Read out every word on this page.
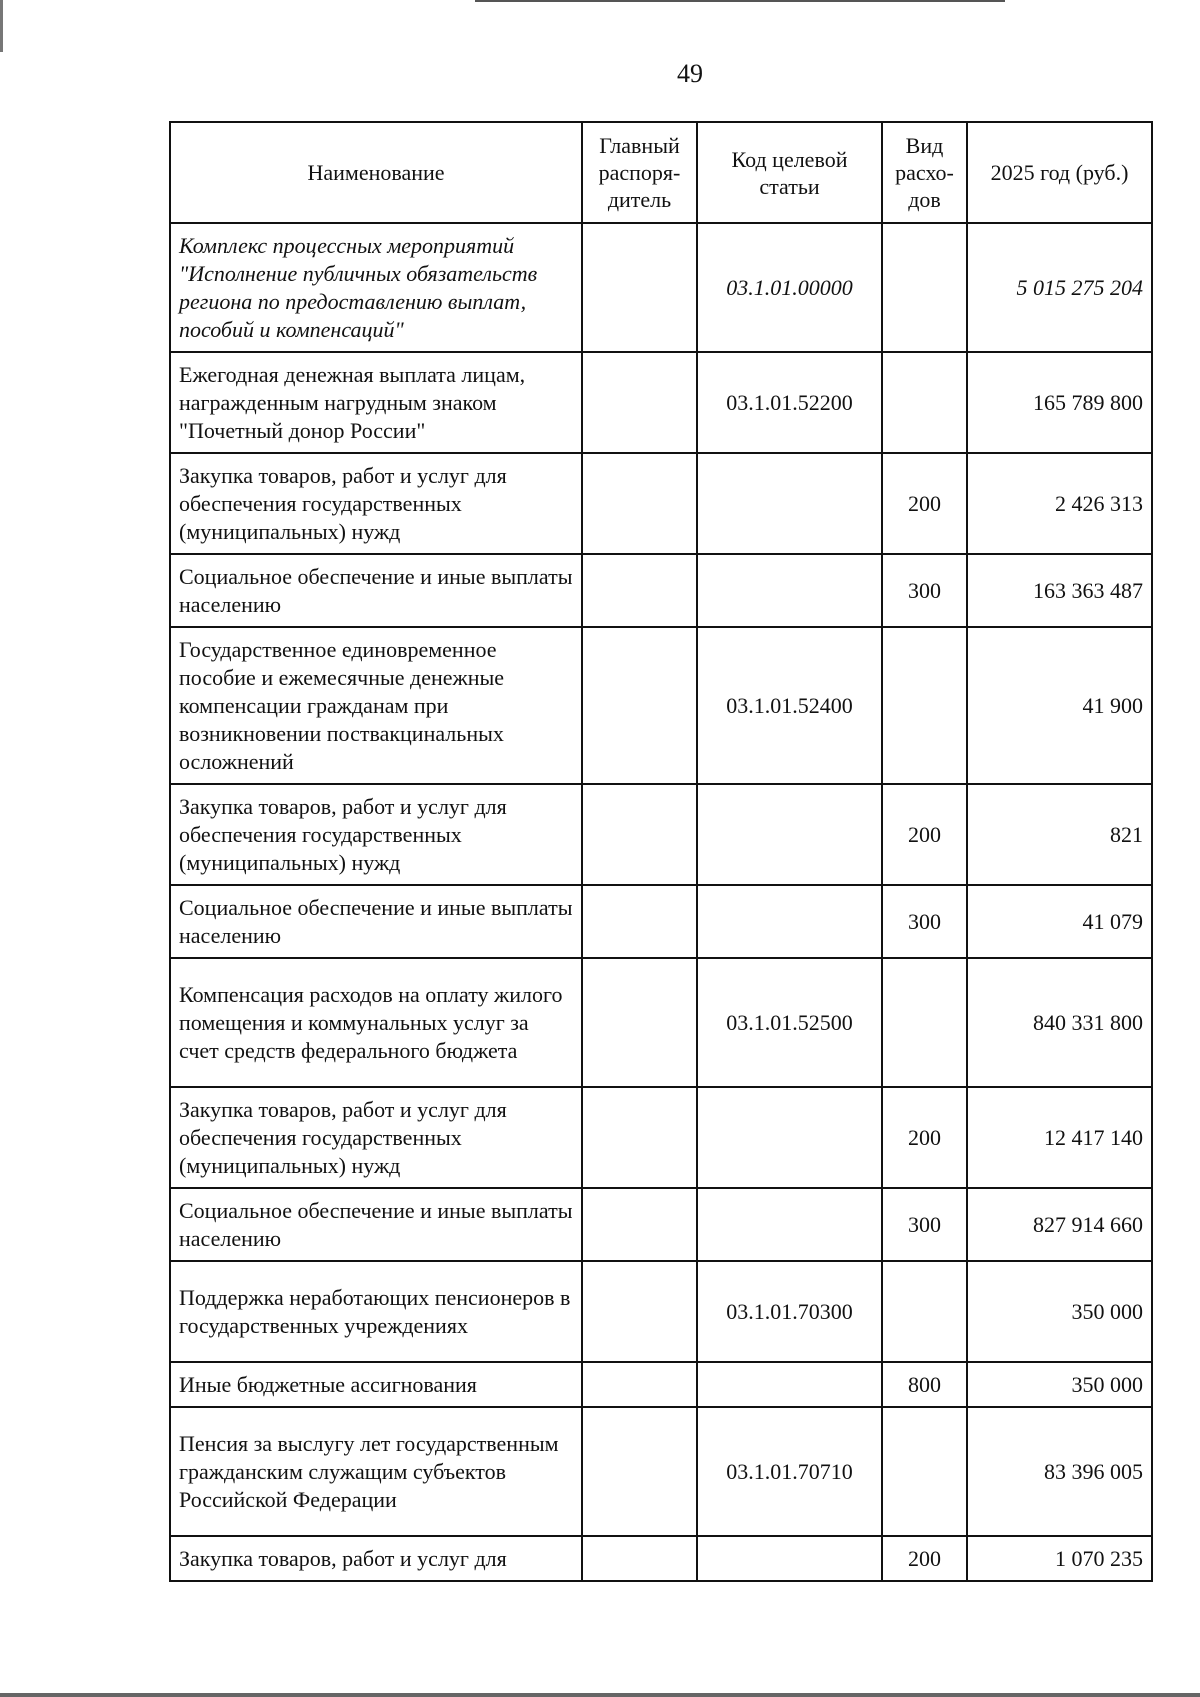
49
Наименование	Главный распоря-дитель	Код целевой статьи	Вид расхо-дов	2025 год (руб.)
Комплекс процессных мероприятий "Исполнение публичных обязательств региона по предоставлению выплат, пособий и компенсаций"		03.1.01.00000		5 015 275 204
Ежегодная денежная выплата лицам, награжденным нагрудным знаком "Почетный донор России"		03.1.01.52200		165 789 800
Закупка товаров, работ и услуг для обеспечения государственных (муниципальных) нужд			200	2 426 313
Социальное обеспечение и иные выплаты населению			300	163 363 487
Государственное единовременное пособие и ежемесячные денежные компенсации гражданам при возникновении поствакцинальных осложнений		03.1.01.52400		41 900
Закупка товаров, работ и услуг для обеспечения государственных (муниципальных) нужд			200	821
Социальное обеспечение и иные выплаты населению			300	41 079
Компенсация расходов на оплату жилого помещения и коммунальных услуг за счет средств федерального бюджета		03.1.01.52500		840 331 800
Закупка товаров, работ и услуг для обеспечения государственных (муниципальных) нужд			200	12 417 140
Социальное обеспечение и иные выплаты населению			300	827 914 660
Поддержка неработающих пенсионеров в государственных учреждениях		03.1.01.70300		350 000
Иные бюджетные ассигнования			800	350 000
Пенсия за выслугу лет государственным гражданским служащим субъектов Российской Федерации		03.1.01.70710		83 396 005
Закупка товаров, работ и услуг для			200	1 070 235
